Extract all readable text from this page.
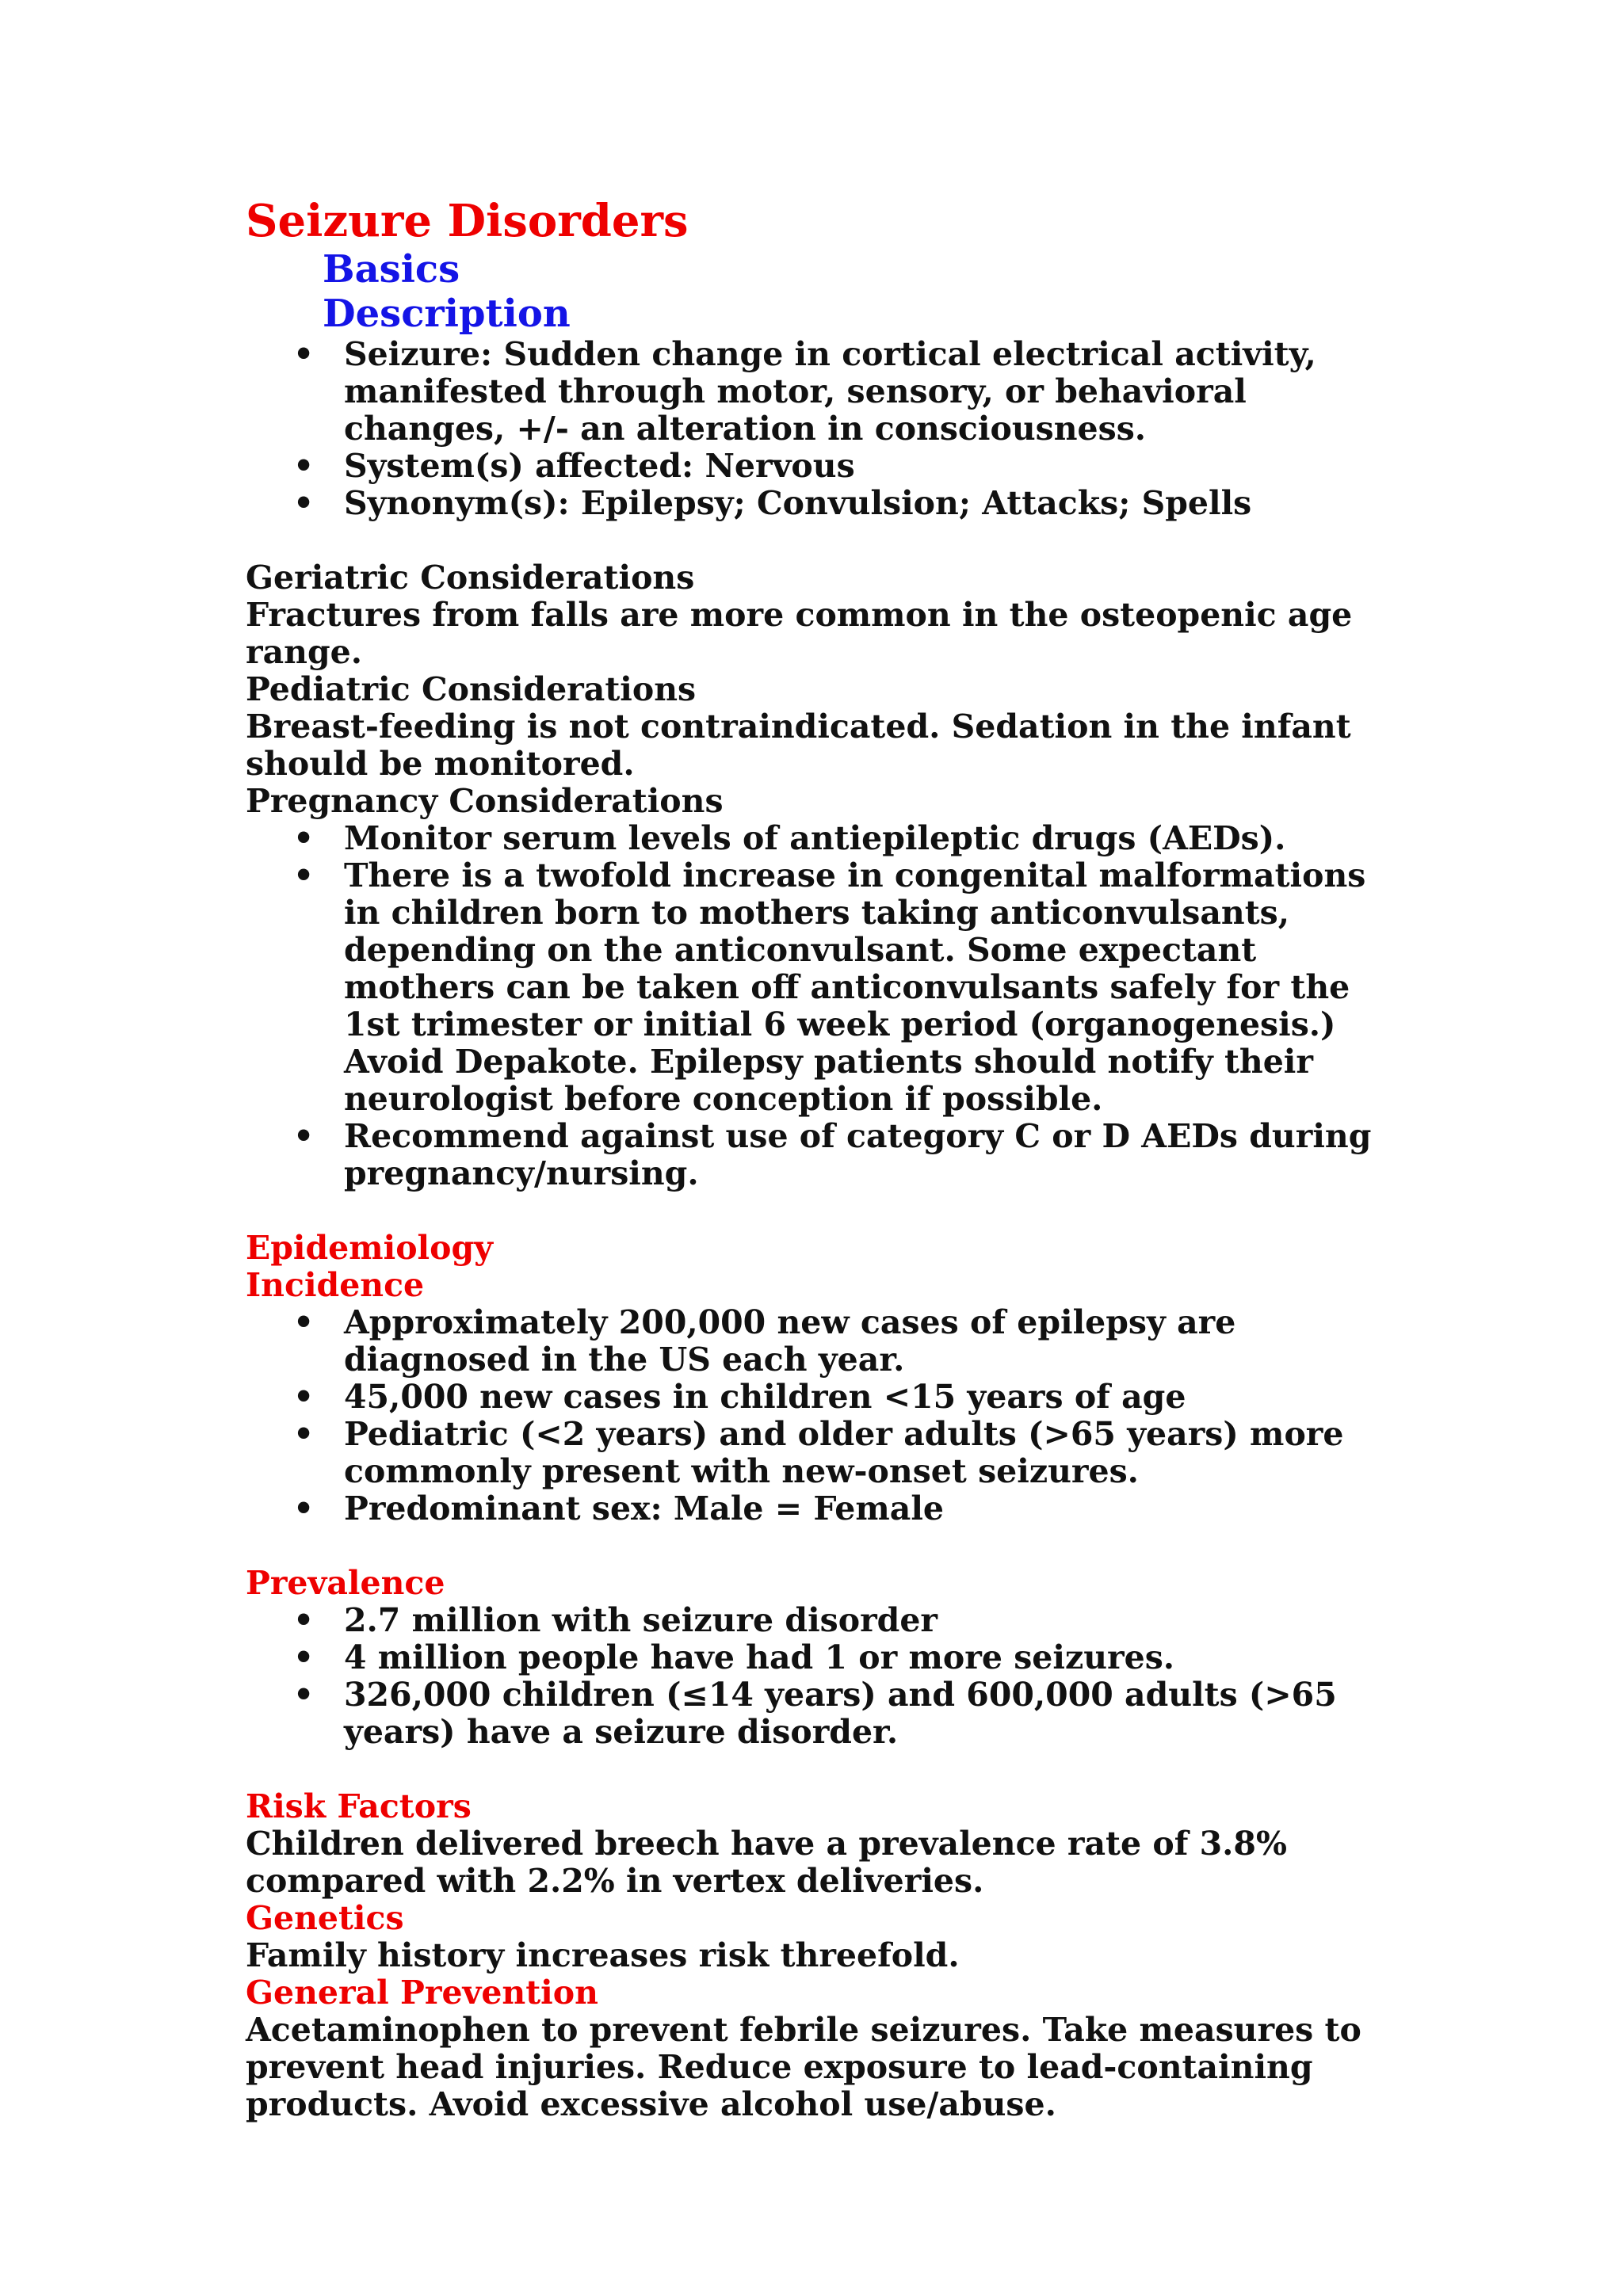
Seizure Disorders
Basics
Description
• Seizure: Sudden change in cortical electrical activity, manifested through motor, sensory, or behavioral changes, +/- an alteration in consciousness.
• System(s) affected: Nervous
• Synonym(s): Epilepsy; Convulsion; Attacks; Spells
Geriatric Considerations

Fractures from falls are more common in the osteopenic age range.

Pediatric Considerations

Breast-feeding is not contraindicated. Sedation in the infant should be monitored.

Pregnancy Considerations
• Monitor serum levels of antiepileptic drugs (AEDs).
• There is a twofold increase in congenital malformations in children born to mothers taking anticonvulsants, depending on the anticonvulsant. Some expectant mothers can be taken off anticonvulsants safely for the 1st trimester or initial 6 week period (organogenesis.) Avoid Depakote. Epilepsy patients should notify their neurologist before conception if possible.
• Recommend against use of category C or D AEDs during pregnancy/nursing.
Epidemiology
Incidence
• Approximately 200,000 new cases of epilepsy are diagnosed in the US each year.
• 45,000 new cases in children <15 years of age
• Pediatric (<2 years) and older adults (>65 years) more commonly present with new-onset seizures.
• Predominant sex: Male = Female
Prevalence
• 2.7 million with seizure disorder
• 4 million people have had 1 or more seizures.
• 326,000 children (≤14 years) and 600,000 adults (>65 years) have a seizure disorder.
Risk Factors

Children delivered breech have a prevalence rate of 3.8% compared with 2.2% in vertex deliveries.

Genetics

Family history increases risk threefold.

General Prevention

Acetaminophen to prevent febrile seizures. Take measures to prevent head injuries. Reduce exposure to lead-containing products. Avoid excessive alcohol use/abuse.
